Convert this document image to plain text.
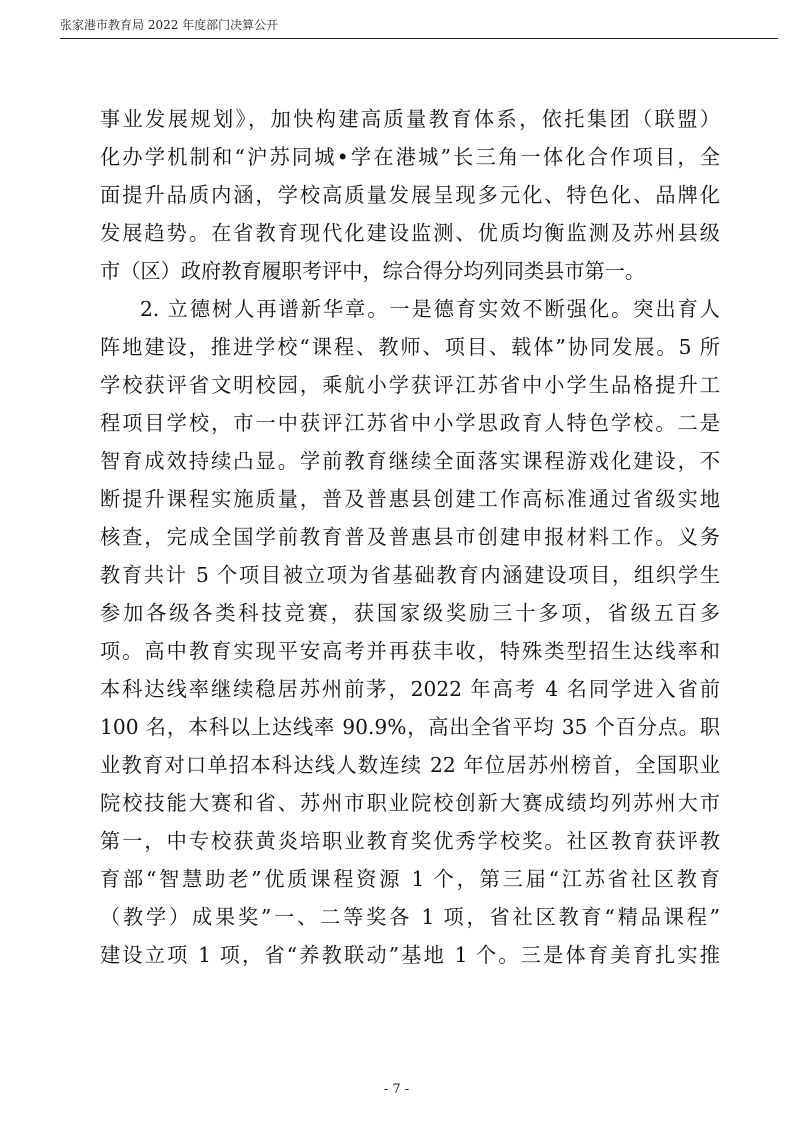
张家港市教育局 2022 年度部门决算公开
事业发展规划》，加快构建高质量教育体系，依托集团（联盟）
化办学机制和“沪苏同城•学在港城”长三角一体化合作项目，全
面提升品质内涵，学校高质量发展呈现多元化、特色化、品牌化
发展趋势。在省教育现代化建设监测、优质均衡监测及苏州县级
市（区）政府教育履职考评中，综合得分均列同类县市第一。
2. 立德树人再谱新华章。一是德育实效不断强化。突出育人
阵地建设，推进学校“课程、教师、项目、载体”协同发展。5 所
学校获评省文明校园，乘航小学获评江苏省中小学生品格提升工
程项目学校，市一中获评江苏省中小学思政育人特色学校。二是
智育成效持续凸显。学前教育继续全面落实课程游戏化建设，不
断提升课程实施质量，普及普惠县创建工作高标准通过省级实地
核查，完成全国学前教育普及普惠县市创建申报材料工作。义务
教育共计 5 个项目被立项为省基础教育内涵建设项目，组织学生
参加各级各类科技竞赛，获国家级奖励三十多项，省级五百多
项。高中教育实现平安高考并再获丰收，特殊类型招生达线率和
本科达线率继续稳居苏州前茅，2022 年高考 4 名同学进入省前
100 名，本科以上达线率 90.9%，高出全省平均 35 个百分点。职
业教育对口单招本科达线人数连续 22 年位居苏州榜首，全国职业
院校技能大赛和省、苏州市职业院校创新大赛成绩均列苏州大市
第一，中专校获黄炎培职业教育奖优秀学校奖。社区教育获评教
育部“智慧助老”优质课程资源 1 个，第三届“江苏省社区教育
（教学）成果奖”一、二等奖各 1 项，省社区教育“精品课程”
建设立项 1 项，省“养教联动”基地 1 个。三是体育美育扎实推
- 7 -
